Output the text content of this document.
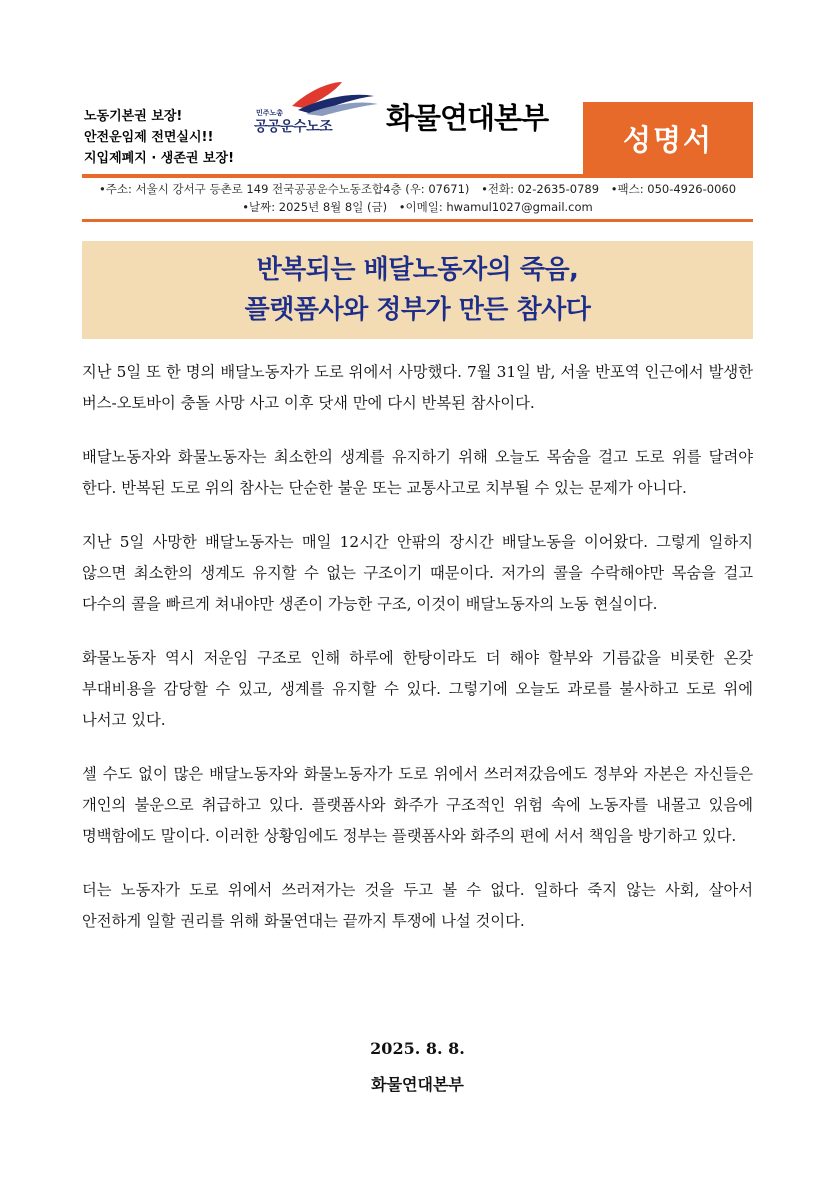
노동기본권 보장!
안전운임제 전면실시!!
지입제폐지 · 생존권 보장!
민주노총
공공운수노조 화물연대본부
성명서
•주소: 서울시 강서구 등촌로 149 전국공공운수노동조합4층 (우: 07671) •전화: 02-2635-0789 •팩스: 050-4926-0060
•날짜: 2025년 8월 8일 (금) •이메일: hwamul1027@gmail.com
반복되는 배달노동자의 죽음,
플랫폼사와 정부가 만든 참사다

지난 5일 또 한 명의 배달노동자가 도로 위에서 사망했다. 7월 31일 밤, 서울 반포역 인근에서 발생한 버스-오토바이 충돌 사망 사고 이후 닷새 만에 다시 반복된 참사이다.

배달노동자와 화물노동자는 최소한의 생계를 유지하기 위해 오늘도 목숨을 걸고 도로 위를 달려야 한다. 반복된 도로 위의 참사는 단순한 불운 또는 교통사고로 치부될 수 있는 문제가 아니다.

지난 5일 사망한 배달노동자는 매일 12시간 안팎의 장시간 배달노동을 이어왔다. 그렇게 일하지 않으면 최소한의 생계도 유지할 수 없는 구조이기 때문이다. 저가의 콜을 수락해야만 목숨을 걸고 다수의 콜을 빠르게 쳐내야만 생존이 가능한 구조, 이것이 배달노동자의 노동 현실이다.

화물노동자 역시 저운임 구조로 인해 하루에 한탕이라도 더 해야 할부와 기름값을 비롯한 온갖 부대비용을 감당할 수 있고, 생계를 유지할 수 있다. 그렇기에 오늘도 과로를 불사하고 도로 위에 나서고 있다.

셀 수도 없이 많은 배달노동자와 화물노동자가 도로 위에서 쓰러져갔음에도 정부와 자본은 자신들은 개인의 불운으로 취급하고 있다. 플랫폼사와 화주가 구조적인 위험 속에 노동자를 내몰고 있음에 명백함에도 말이다. 이러한 상황임에도 정부는 플랫폼사와 화주의 편에 서서 책임을 방기하고 있다.

더는 노동자가 도로 위에서 쓰러져가는 것을 두고 볼 수 없다. 일하다 죽지 않는 사회, 살아서 안전하게 일할 권리를 위해 화물연대는 끝까지 투쟁에 나설 것이다.

2025. 8. 8.
화물연대본부
